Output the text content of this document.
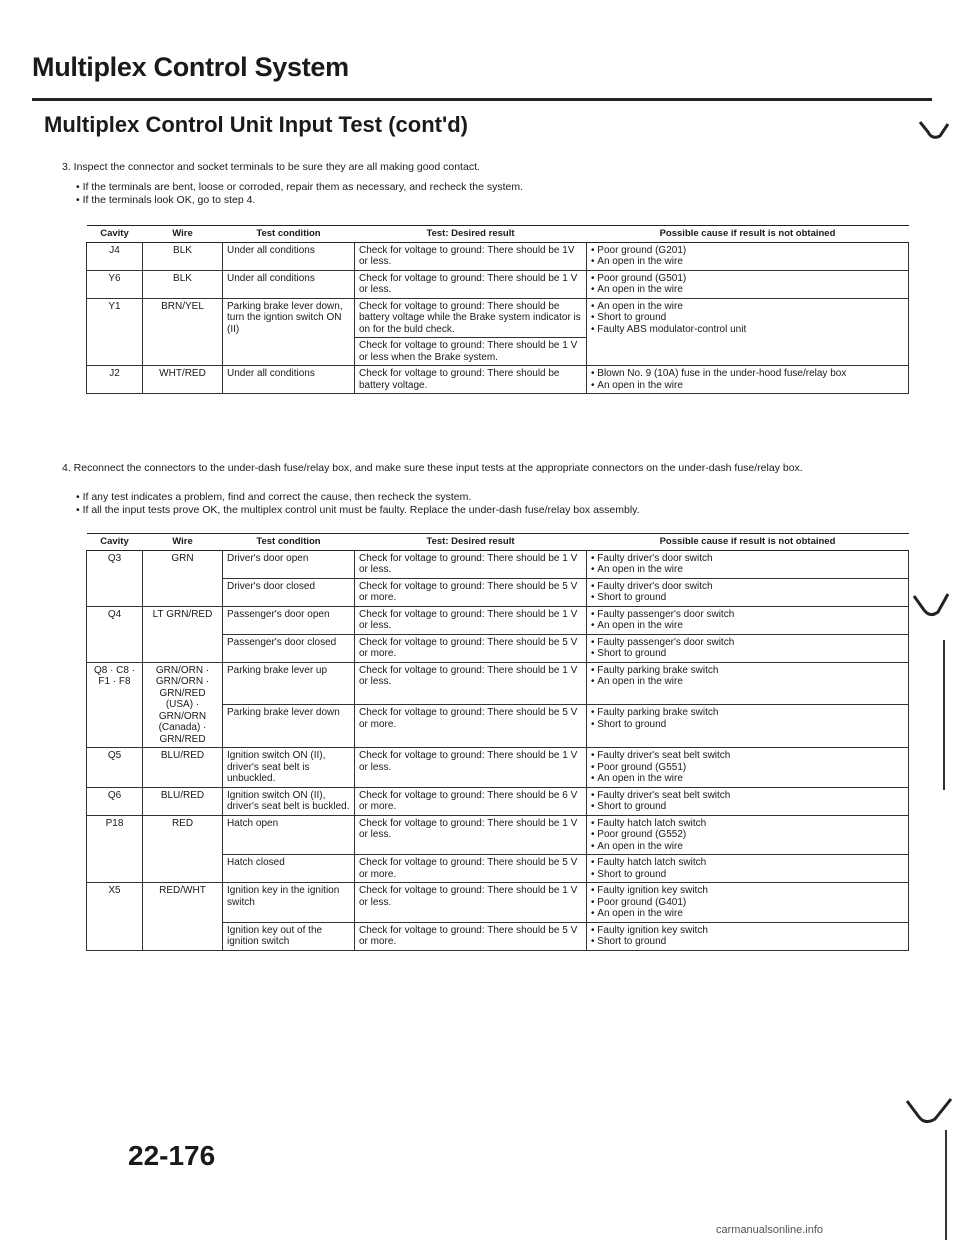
Multiplex Control System
Multiplex Control Unit Input Test (cont'd)
3. Inspect the connector and socket terminals to be sure they are all making good contact.
• If the terminals are bent, loose or corroded, repair them as necessary, and recheck the system.
• If the terminals look OK, go to step 4.
Cavity	Wire	Test condition	Test: Desired result	Possible cause if result is not obtained
J4	BLK	Under all conditions	Check for voltage to ground: There should be 1V or less.	• Poor ground (G201)
• An open in the wire

Y6	BLK	Under all conditions	Check for voltage to ground: There should be 1 V or less.	• Poor ground (G501)
• An open in the wire

Y1	BRN/YEL	Parking brake lever down, turn the igntion switch ON (II)	Check for voltage to ground: There should be battery voltage while the Brake system indicator is on for the buld check.	• An open in the wire
• Short to ground
• Faulty ABS modulator-control unit

			Check for voltage to ground: There should be 1 V or less when the Brake system.	
J2	WHT/RED	Under all conditions	Check for voltage to ground: There should be battery voltage.	• Blown No. 9 (10A) fuse in the under-hood fuse/relay box
• An open in the wire
4. Reconnect the connectors to the under-dash fuse/relay box, and make sure these input tests at the appropriate connectors on the under-dash fuse/relay box.
• If any test indicates a problem, find and correct the cause, then recheck the system.
• If all the input tests prove OK, the multiplex control unit must be faulty. Replace the under-dash fuse/relay box assembly.
Cavity	Wire	Test condition	Test: Desired result	Possible cause if result is not obtained
Q3	GRN	Driver's door open	Check for voltage to ground: There should be 1 V or less.	• Faulty driver's door switch
• An open in the wire

		Driver's door closed	Check for voltage to ground: There should be 5 V or more.	• Faulty driver's door switch
• Short to ground

Q4	LT GRN/RED	Passenger's door open	Check for voltage to ground: There should be 1 V or less.	• Faulty passenger's door switch
• An open in the wire

		Passenger's door closed	Check for voltage to ground: There should be 5 V or more.	• Faulty passenger's door switch
• Short to ground

Q8 · C8 · F1 · F8	GRN/ORN · GRN/ORN · GRN/RED (USA) · GRN/ORN (Canada) · GRN/RED	Parking brake lever up	Check for voltage to ground: There should be 1 V or less.	• Faulty parking brake switch
• An open in the wire

		Parking brake lever down	Check for voltage to ground: There should be 5 V or more.	• Faulty parking brake switch
• Short to ground

Q5	BLU/RED	Ignition switch ON (II), driver's seat belt is unbuckled.	Check for voltage to ground: There should be 1 V or less.	• Faulty driver's seat belt switch
• Poor ground (G551)
• An open in the wire

Q6	BLU/RED	Ignition switch ON (II), driver's seat belt is buckled.	Check for voltage to ground: There should be 6 V or more.	• Faulty driver's seat belt switch
• Short to ground

P18	RED	Hatch open	Check for voltage to ground: There should be 1 V or less.	• Faulty hatch latch switch
• Poor ground (G552)
• An open in the wire

		Hatch closed	Check for voltage to ground: There should be 5 V or more.	• Faulty hatch latch switch
• Short to ground

X5	RED/WHT	Ignition key in the ignition switch	Check for voltage to ground: There should be 1 V or less.	• Faulty ignition key switch
• Poor ground (G401)
• An open in the wire

		Ignition key out of the ignition switch	Check for voltage to ground: There should be 5 V or more.	• Faulty ignition key switch
• Short to ground
22-176
carmanualsonline.info
